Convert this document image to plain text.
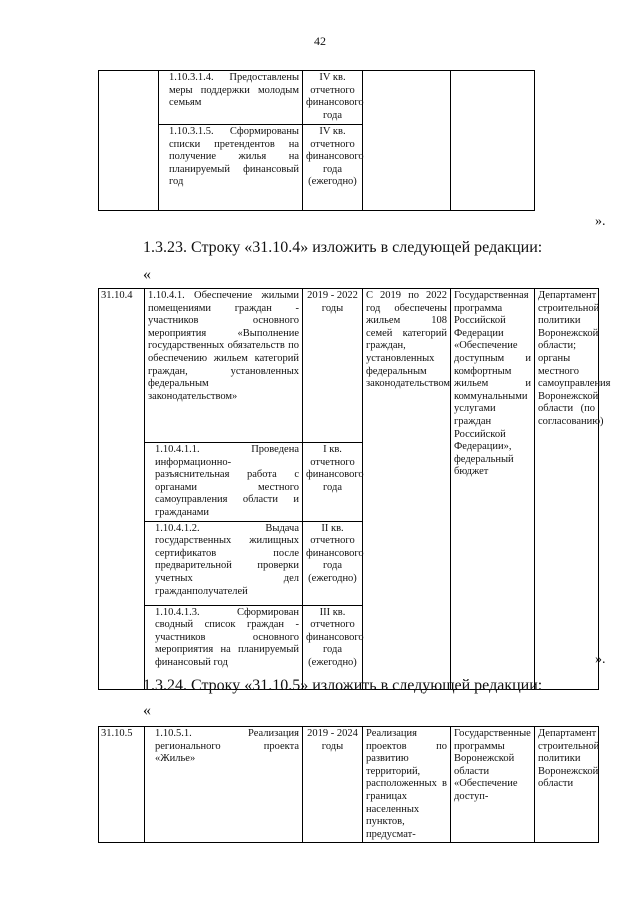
42
	1.10.3.1.4. Предоставлены меры поддержки молодым семьям	IV кв. отчетного финансового года		
	1.10.3.1.5. Сформированы списки претендентов на получение жилья на планируемый финансовый год	IV кв. отчетного финансового года (ежегодно)		
».
1.3.23. Строку «31.10.4» изложить в следующей редакции:
«
31.10.4	1.10.4.1. Обеспечение жилыми помещениями граждан - участников основного мероприятия «Выполнение государственных обязательств по обеспечению жильем категорий граждан, установленных федеральным законодательством»	2019 - 2022 годы	С 2019 по 2022 год обеспечены жильем 108 семей категорий граждан, установленных федеральным законодательством	Государственная программа Российской Федерации «Обеспечение доступным и комфортным жильем и коммунальными услугами граждан Российской Федерации», федеральный бюджет	Департамент строительной политики Воронежской области; органы местного самоуправления Воронежской области (по согласованию)
	1.10.4.1.1. Проведена информационно-разъяснительная работа с органами местного самоуправления области и гражданами	I кв. отчетного финансового года			
	1.10.4.1.2. Выдача государственных жилищных сертификатов после предварительной проверки учетных дел гражданполучателей	II кв. отчетного финансового года (ежегодно)			
	1.10.4.1.3. Сформирован сводный список граждан - участников основного мероприятия на планируемый финансовый год	III кв. отчетного финансового года (ежегодно)				».
1.3.24. Строку «31.10.5» изложить в следующей редакции:
«
31.10.5	1.10.5.1. Реализация регионального проекта «Жилье»	2019 - 2024 годы	Реализация проектов по развитию территорий, расположенных в границах населенных пунктов, предусмат-	Государственные программы Воронежской области «Обеспечение доступ-	Департамент строительной политики Воронежской области
